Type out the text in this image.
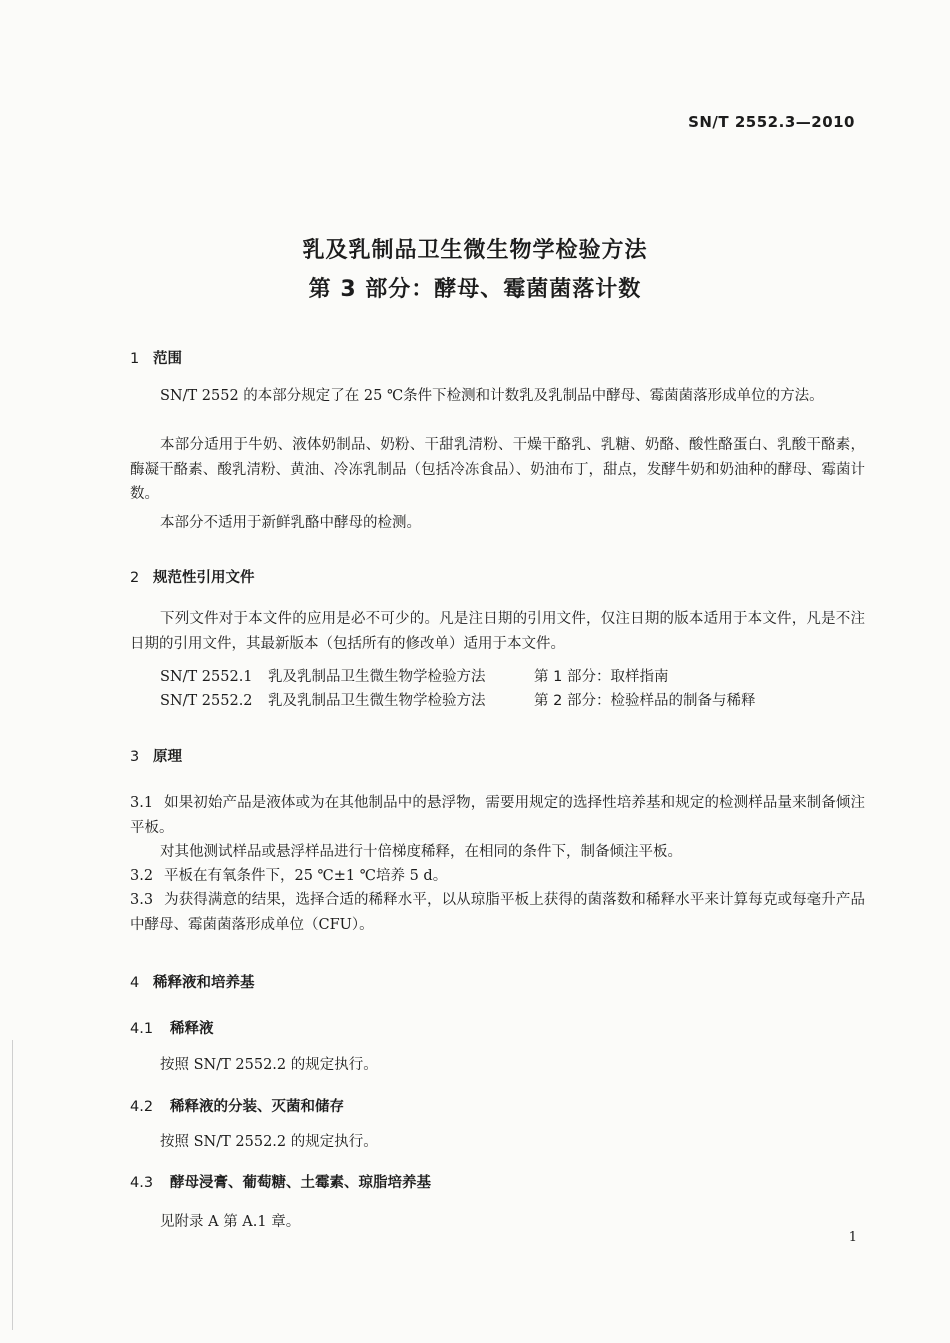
SN/T 2552.3—2010
乳及乳制品卫生微生物学检验方法
第 3 部分：酵母、霉菌菌落计数
1 范围
SN/T 2552 的本部分规定了在 25 ℃条件下检测和计数乳及乳制品中酵母、霉菌菌落形成单位的方法。
本部分适用于牛奶、液体奶制品、奶粉、干甜乳清粉、干燥干酪乳、乳糖、奶酪、酸性酪蛋白、乳酸干酪素，酶凝干酪素、酸乳清粉、黄油、冷冻乳制品（包括冷冻食品）、奶油布丁，甜点，发酵牛奶和奶油种的酵母、霉菌计数。
本部分不适用于新鲜乳酪中酵母的检测。
2 规范性引用文件
下列文件对于本文件的应用是必不可少的。凡是注日期的引用文件，仅注日期的版本适用于本文件，凡是不注日期的引用文件，其最新版本（包括所有的修改单）适用于本文件。
SN/T 2552.1 乳及乳制品卫生微生物学检验方法	第 1 部分：取样指南
SN/T 2552.2 乳及乳制品卫生微生物学检验方法	第 2 部分：检验样品的制备与稀释
3 原理
3.1 如果初始产品是液体或为在其他制品中的悬浮物，需要用规定的选择性培养基和规定的检测样品量来制备倾注平板。
对其他测试样品或悬浮样品进行十倍梯度稀释，在相同的条件下，制备倾注平板。
3.2 平板在有氧条件下，25 ℃±1 ℃培养 5 d。
3.3 为获得满意的结果，选择合适的稀释水平，以从琼脂平板上获得的菌落数和稀释水平来计算每克或每毫升产品中酵母、霉菌菌落形成单位（CFU）。
4 稀释液和培养基
4.1 稀释液
按照 SN/T 2552.2 的规定执行。
4.2 稀释液的分装、灭菌和储存
按照 SN/T 2552.2 的规定执行。
4.3 酵母浸膏、葡萄糖、土霉素、琼脂培养基
见附录 A 第 A.1 章。
1
